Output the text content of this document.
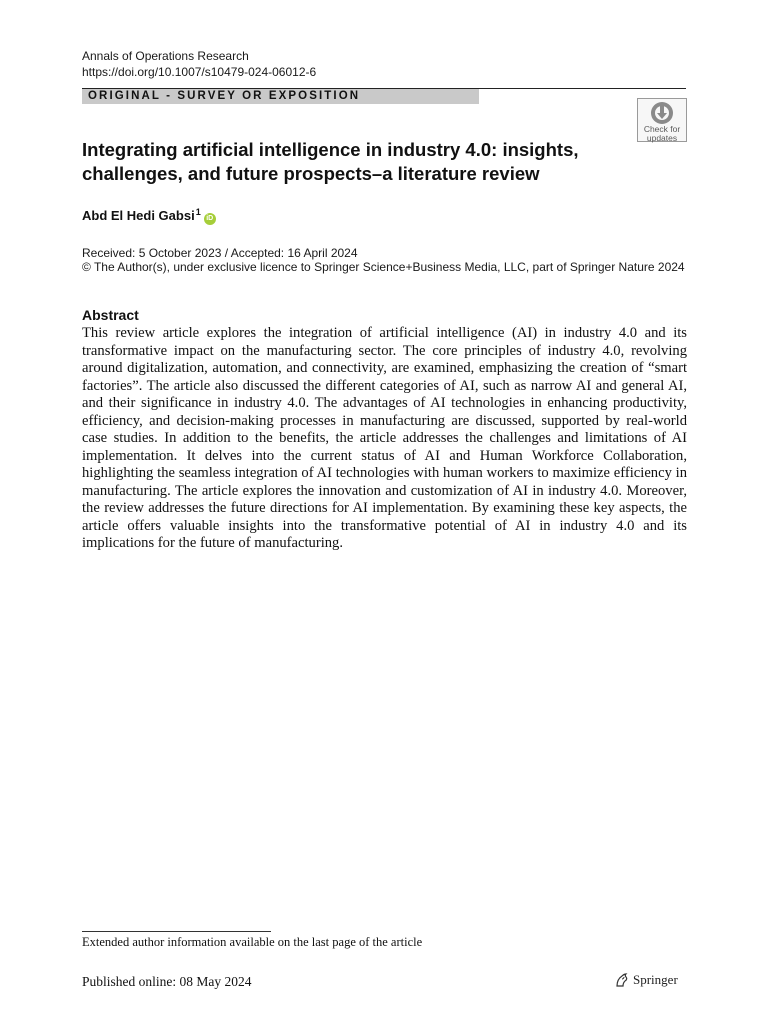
Annals of Operations Research
https://doi.org/10.1007/s10479-024-06012-6
ORIGINAL - SURVEY OR EXPOSITION
Check for
updates
Integrating artificial intelligence in industry 4.0: insights, challenges, and future prospects–a literature review
Abd El Hedi Gabsi$^1$
iD
Received: 5 October 2023 / Accepted: 16 April 2024
© The Author(s), under exclusive licence to Springer Science+Business Media, LLC, part of Springer Nature 2024
Abstract
This review article explores the integration of artificial intelligence (AI) in industry 4.0 and its transformative impact on the manufacturing sector. The core principles of industry 4.0, revolving around digitalization, automation, and connectivity, are examined, emphasizing the creation of “smart factories”. The article also discussed the different categories of AI, such as narrow AI and general AI, and their significance in industry 4.0. The advantages of AI technologies in enhancing productivity, efficiency, and decision-making processes in manufacturing are discussed, supported by real-world case studies. In addition to the benefits, the article addresses the challenges and limitations of AI implementation. It delves into the current status of AI and Human Workforce Collaboration, highlighting the seamless integration of AI technologies with human workers to maximize efficiency in manufacturing. The article explores the innovation and customization of AI in industry 4.0. Moreover, the review addresses the future directions for AI implementation. By examining these key aspects, the article offers valuable insights into the transformative potential of AI in industry 4.0 and its implications for the future of manufacturing.
Extended author information available on the last page of the article
Published online: 08 May 2024	Springer
